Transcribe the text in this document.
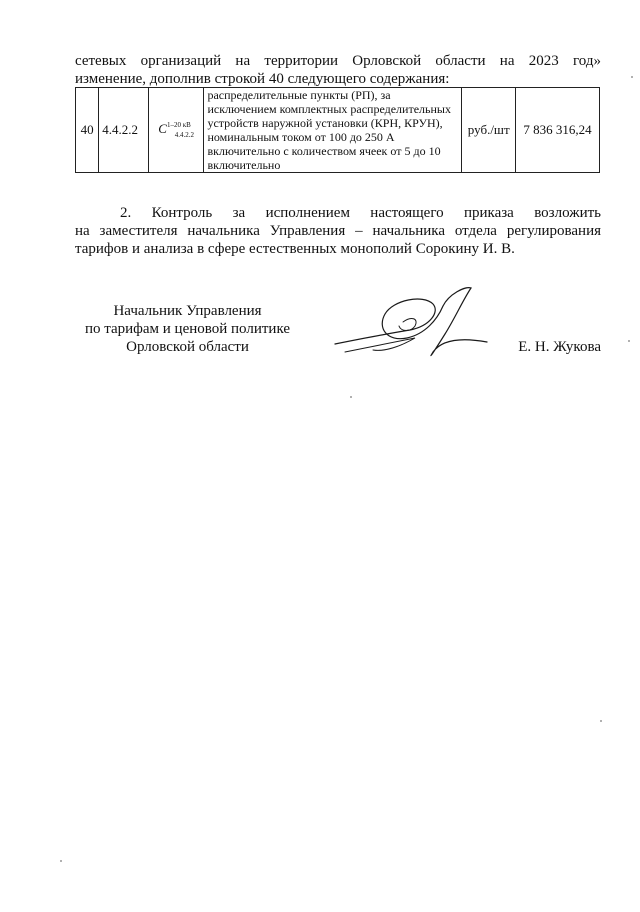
сетевых организаций на территории Орловской области на 2023 год»
изменение, дополнив строкой 40 следующего содержания:
40	4.4.2.2	$C^{1-20 кВ}_{4.4.2.2}$	распределительные пункты (РП), за исключением комплектных распределительных устройств наружной установки (КРН, КРУН), номинальным током от 100 до 250 А включительно с количеством ячеек от 5 до 10 включительно	руб./шт	7 836 316,24
2. Контроль за исполнением настоящего приказа возложить
на заместителя начальника Управления – начальника отдела регулирования
тарифов и анализа в сфере естественных монополий Сорокину И. В.
Начальник Управления
по тарифам и ценовой политике
Орловской области	Е. Н. Жукова
